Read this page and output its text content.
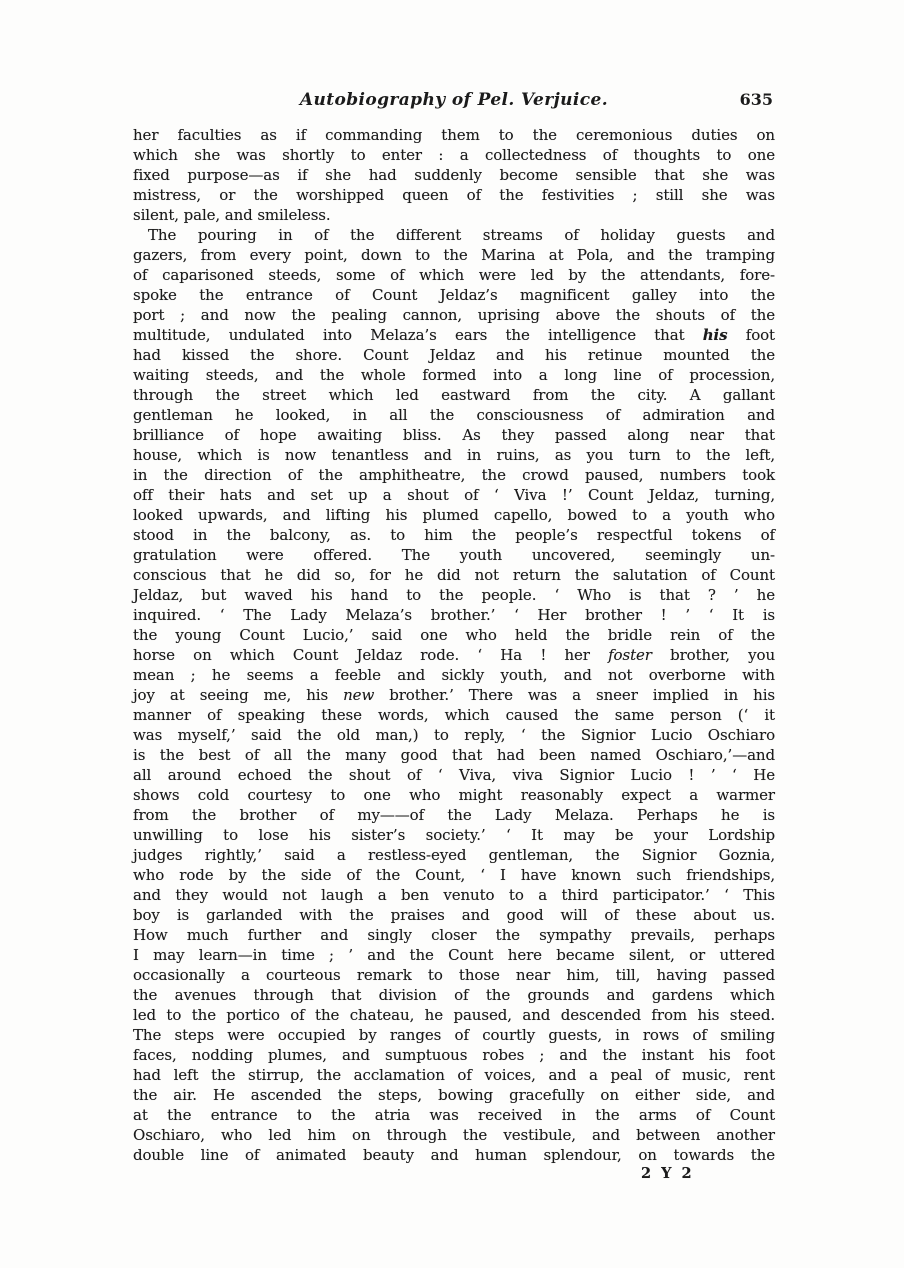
Autobiography of Pel. Verjuice.	635
her faculties as if commanding them to the ceremonious duties on
which she was shortly to enter : a collectedness of thoughts to one
fixed purpose—as if she had suddenly become sensible that she was
mistress, or the worshipped queen of the festivities ; still she was
silent, pale, and smileless.
The pouring in of the different streams of holiday guests and
gazers, from every point, down to the Marina at Pola, and the tramping
of caparisoned steeds, some of which were led by the attendants, fore-
spoke the entrance of Count Jeldaz’s magnificent galley into the
port ; and now the pealing cannon, uprising above the shouts of the
multitude, undulated into Melaza’s ears the intelligence that his foot
had kissed the shore. Count Jeldaz and his retinue mounted the
waiting steeds, and the whole formed into a long line of procession,
through the street which led eastward from the city. A gallant
gentleman he looked, in all the consciousness of admiration and
brilliance of hope awaiting bliss. As they passed along near that
house, which is now tenantless and in ruins, as you turn to the left,
in the direction of the amphitheatre, the crowd paused, numbers took
off their hats and set up a shout of ‘ Viva !’ Count Jeldaz, turning,
looked upwards, and lifting his plumed capello, bowed to a youth who
stood in the balcony, as. to him the people’s respectful tokens of
gratulation were offered. The youth uncovered, seemingly un-
conscious that he did so, for he did not return the salutation of Count
Jeldaz, but waved his hand to the people. ‘ Who is that ? ’ he
inquired. ‘ The Lady Melaza’s brother.’ ‘ Her brother ! ’ ‘ It is
the young Count Lucio,’ said one who held the bridle rein of the
horse on which Count Jeldaz rode. ‘ Ha ! her foster brother, you
mean ; he seems a feeble and sickly youth, and not overborne with
joy at seeing me, his new brother.’ There was a sneer implied in his
manner of speaking these words, which caused the same person (‘ it
was myself,’ said the old man,) to reply, ‘ the Signior Lucio Oschiaro
is the best of all the many good that had been named Oschiaro,’—and
all around echoed the shout of ‘ Viva, viva Signior Lucio ! ’ ‘ He
shows cold courtesy to one who might reasonably expect a warmer
from the brother of my——of the Lady Melaza. Perhaps he is
unwilling to lose his sister’s society.’ ‘ It may be your Lordship
judges rightly,’ said a restless-eyed gentleman, the Signior Goznia,
who rode by the side of the Count, ‘ I have known such friendships,
and they would not laugh a ben venuto to a third participator.’ ‘ This
boy is garlanded with the praises and good will of these about us.
How much further and singly closer the sympathy prevails, perhaps
I may learn—in time ; ’ and the Count here became silent, or uttered
occasionally a courteous remark to those near him, till, having passed
the avenues through that division of the grounds and gardens which
led to the portico of the chateau, he paused, and descended from his steed.
The steps were occupied by ranges of courtly guests, in rows of smiling
faces, nodding plumes, and sumptuous robes ; and the instant his foot
had left the stirrup, the acclamation of voices, and a peal of music, rent
the air. He ascended the steps, bowing gracefully on either side, and
at the entrance to the atria was received in the arms of Count
Oschiaro, who led him on through the vestibule, and between another
double line of animated beauty and human splendour, on towards the
2 Y 2
